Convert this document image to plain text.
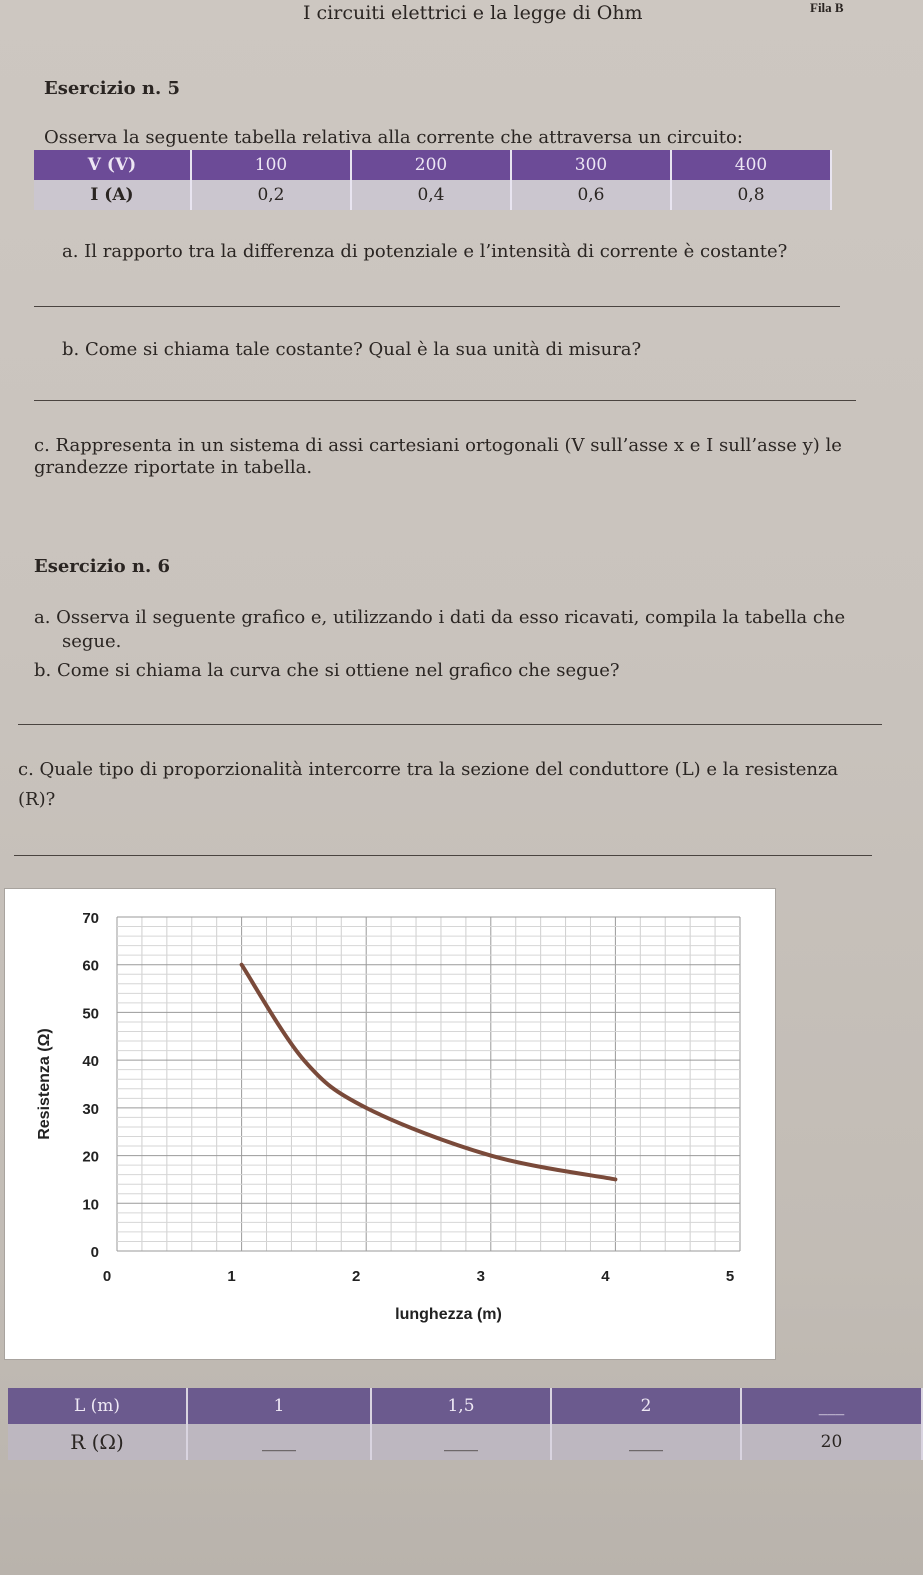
I circuiti elettrici e la legge di Ohm	Fila B
Esercizio n. 5
Osserva la seguente tabella relativa alla corrente che attraversa un circuito:
V (V)	100	200	300	400
I (A)	0,2	0,4	0,6	0,8
a. Il rapporto tra la differenza di potenziale e l’intensità di corrente è costante?
b. Come si chiama tale costante? Qual è la sua unità di misura?
c. Rappresenta in un sistema di assi cartesiani ortogonali (V sull’asse x e I sull’asse y) le
grandezze riportate in tabella.
Esercizio n. 6
a. Osserva il seguente grafico e, utilizzando i dati da esso ricavati, compila la tabella che
segue.
b. Come si chiama la curva che si ottiene nel grafico che segue?
c. Quale tipo di proporzionalità intercorre tra la sezione del conduttore (L) e la resistenza
(R)?
0
10
20
30
40
50
60
70
0	1	2	3	4	5
Resistenza (Ω)
lunghezza (m)
L (m)	1	1,5	2	___
R (Ω)	____	____	____	20
